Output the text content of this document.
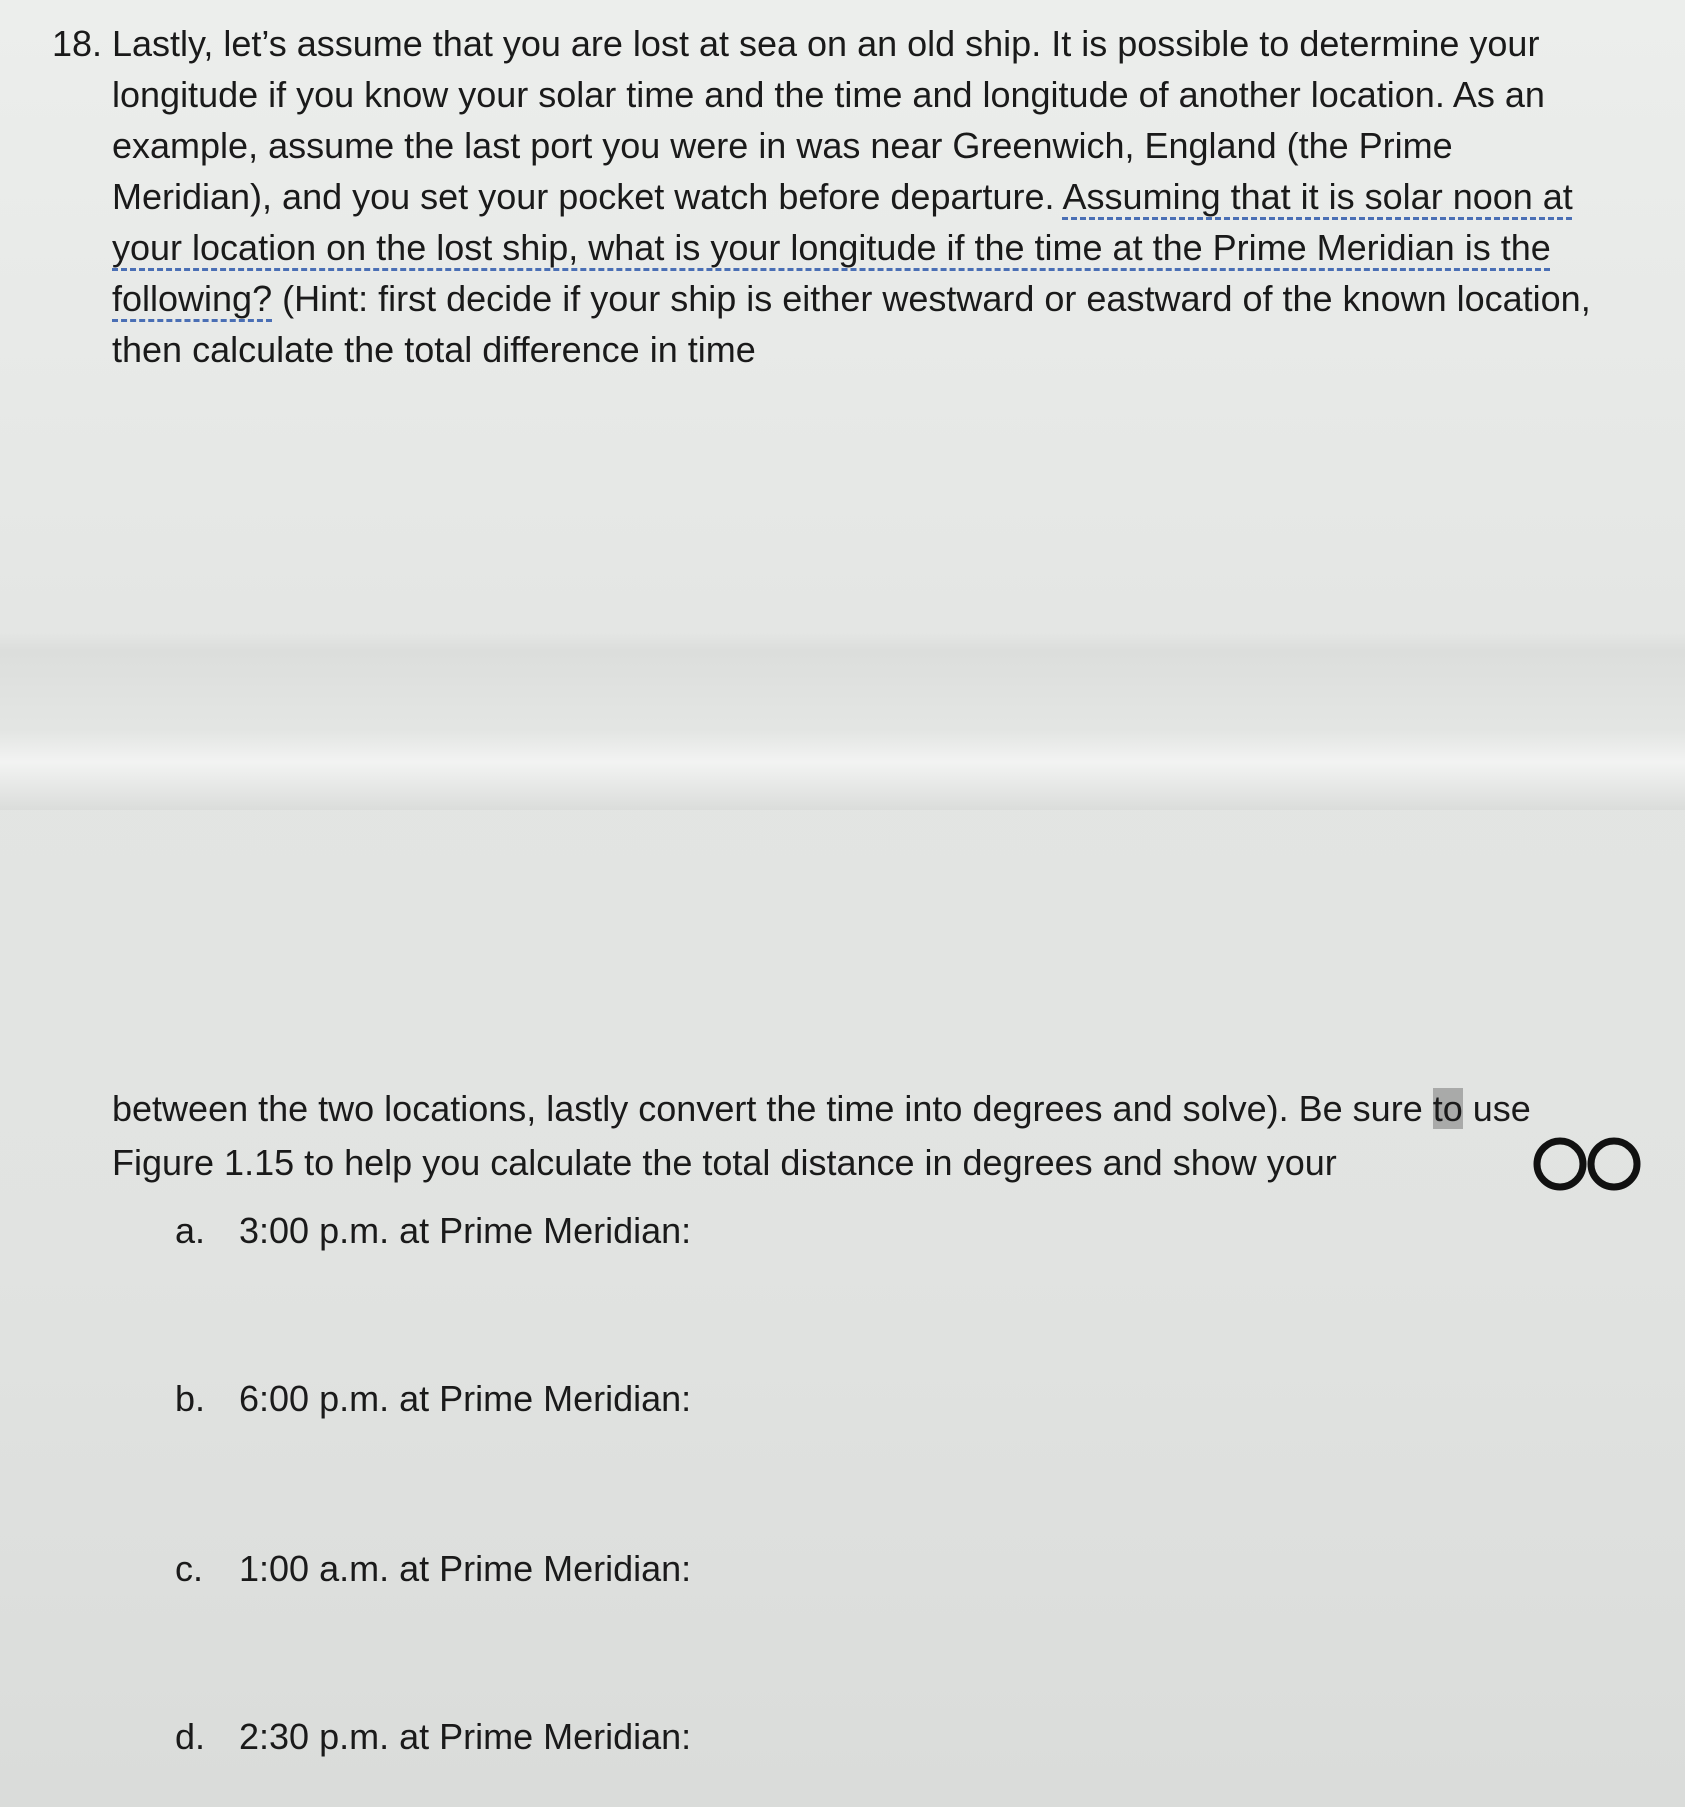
18. Lastly, let’s assume that you are lost at sea on an old ship. It is possible to determine your longitude if you know your solar time and the time and longitude of another location. As an example, assume the last port you were in was near Greenwich, England (the Prime Meridian), and you set your pocket watch before departure. Assuming that it is solar noon at your location on the lost ship, what is your longitude if the time at the Prime Meridian is the following? (Hint: first decide if your ship is either westward or eastward of the known location, then calculate the total difference in time
between the two locations, lastly convert the time into degrees and solve). Be sure to use Figure 1.15 to help you calculate the total distance in degrees and show your
a. 3:00 p.m. at Prime Meridian:
b. 6:00 p.m. at Prime Meridian:
c. 1:00 a.m. at Prime Meridian:
d. 2:30 p.m. at Prime Meridian:
